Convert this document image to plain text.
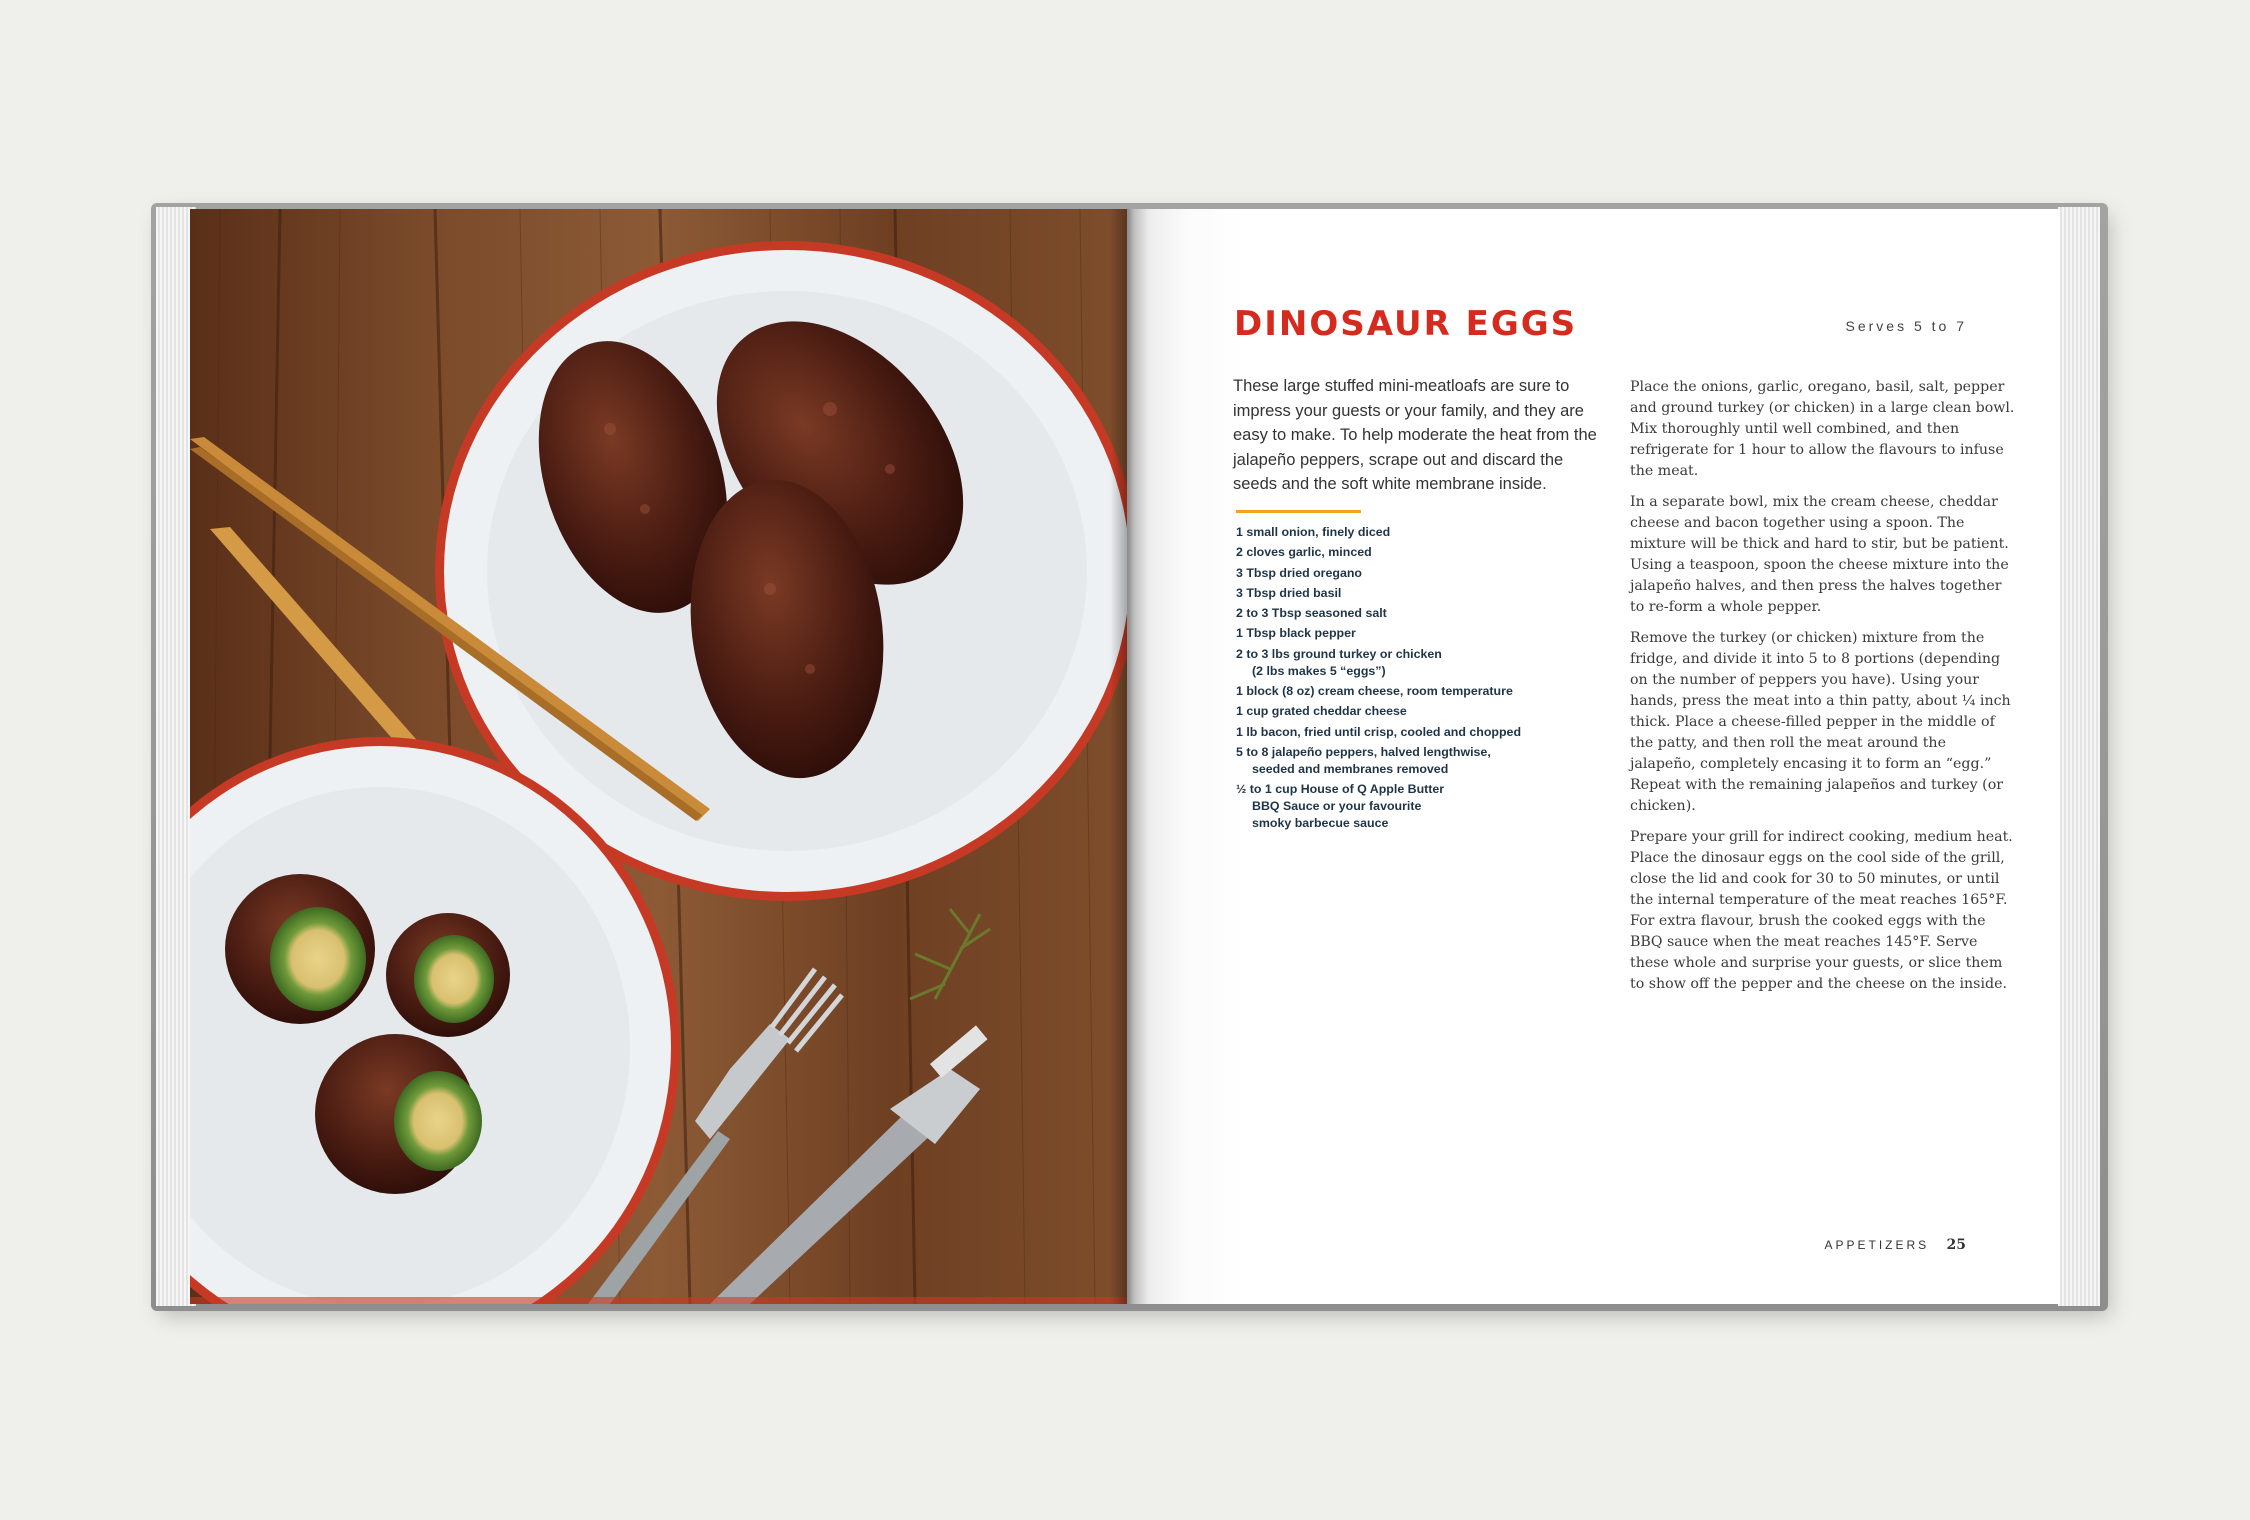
DINOSAUR EGGS	Serves 5 to 7

These large stuffed mini-meatloafs are sure to impress your guests or your family, and they are easy to make. To help moderate the heat from the jalapeño peppers, scrape out and discard the seeds and the soft white membrane inside.

1 small onion, finely diced
2 cloves garlic, minced
3 Tbsp dried oregano
3 Tbsp dried basil
2 to 3 Tbsp seasoned salt
1 Tbsp black pepper
2 to 3 lbs ground turkey or chicken
(2 lbs makes 5 “eggs”)
1 block (8 oz) cream cheese, room temperature
1 cup grated cheddar cheese
1 lb bacon, fried until crisp, cooled and chopped
5 to 8 jalapeño peppers, halved lengthwise,
seeded and membranes removed
½ to 1 cup House of Q Apple Butter
BBQ Sauce or your favourite
smoky barbecue sauce

Place the onions, garlic, oregano, basil, salt, pepper and ground turkey (or chicken) in a large clean bowl. Mix thoroughly until well combined, and then refrigerate for 1 hour to allow the flavours to infuse the meat.

In a separate bowl, mix the cream cheese, cheddar cheese and bacon together using a spoon. The mixture will be thick and hard to stir, but be patient. Using a teaspoon, spoon the cheese mixture into the jalapeño halves, and then press the halves together to re-form a whole pepper.

Remove the turkey (or chicken) mixture from the fridge, and divide it into 5 to 8 portions (depending on the number of peppers you have). Using your hands, press the meat into a thin patty, about ¼ inch thick. Place a cheese-filled pepper in the middle of the patty, and then roll the meat around the jalapeño, completely encasing it to form an “egg.” Repeat with the remaining jalapeños and turkey (or chicken).

Prepare your grill for indirect cooking, medium heat. Place the dinosaur eggs on the cool side of the grill, close the lid and cook for 30 to 50 minutes, or until the internal temperature of the meat reaches 165°F. For extra flavour, brush the cooked eggs with the BBQ sauce when the meat reaches 145°F. Serve these whole and surprise your guests, or slice them to show off the pepper and the cheese on the inside.

APPETIZERS 25
